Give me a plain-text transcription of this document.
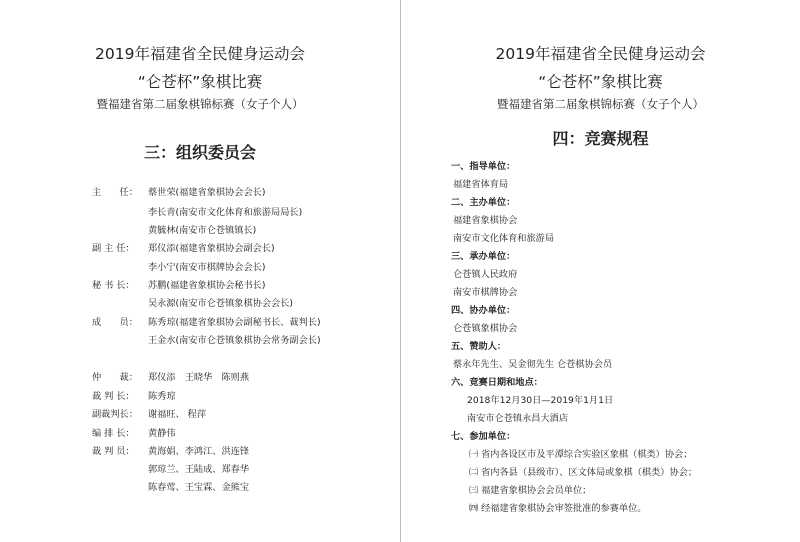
2019年福建省全民健身运动会
“仑苍杯”象棋比赛
暨福建省第二届象棋锦标赛（女子个人）
三：组织委员会
主　　任： 蔡世荣(福建省象棋协会会长)
李长青(南安市文化体育和旅游局局长)
黄毓林(南安市仑苍镇镇长)
副 主 任： 郑仪添(福建省象棋协会副会长)
李小宁(南安市棋牌协会会长)
秘 书 长： 苏鹏(福建省象棋协会秘书长)
吴永源(南安市仑苍镇象棋协会会长)
成　　员： 陈秀琼(福建省象棋协会副秘书长、裁判长)
王金水(南安市仑苍镇象棋协会常务副会长)
仲　　裁： 郑仪添　王晓华　陈则燕
裁 判 长： 陈秀琼
副裁判长： 谢福旺、 程萍
编 排 长： 黄静伟
裁 判 员： 黄海娟、李鸿江、洪连锋
郭琼兰、王陆成、郑春华
陈春莺、王宝霖、金熊宝
2019年福建省全民健身运动会
“仑苍杯”象棋比赛
暨福建省第二届象棋锦标赛（女子个人）
四：竞赛规程
一、指导单位：
福建省体育局
二、主办单位：
福建省象棋协会
南安市文化体育和旅游局
三、承办单位：
仑苍镇人民政府
南安市棋牌协会
四、协办单位：
仑苍镇象棋协会
五、赞助人：
蔡永年先生、吴金彻先生 仑苍棋协会员
六、竞赛日期和地点：
2018年12月30日—2019年1月1日
南安市仑苍镇永昌大酒店
七、参加单位：
㈠ 省内各设区市及平潭综合实验区象棋（棋类）协会；
㈡ 省内各县（县级市）、区文体局或象棋（棋类）协会；
㈢ 福建省象棋协会会员单位；
㈣ 经福建省象棋协会审签批准的参赛单位。
